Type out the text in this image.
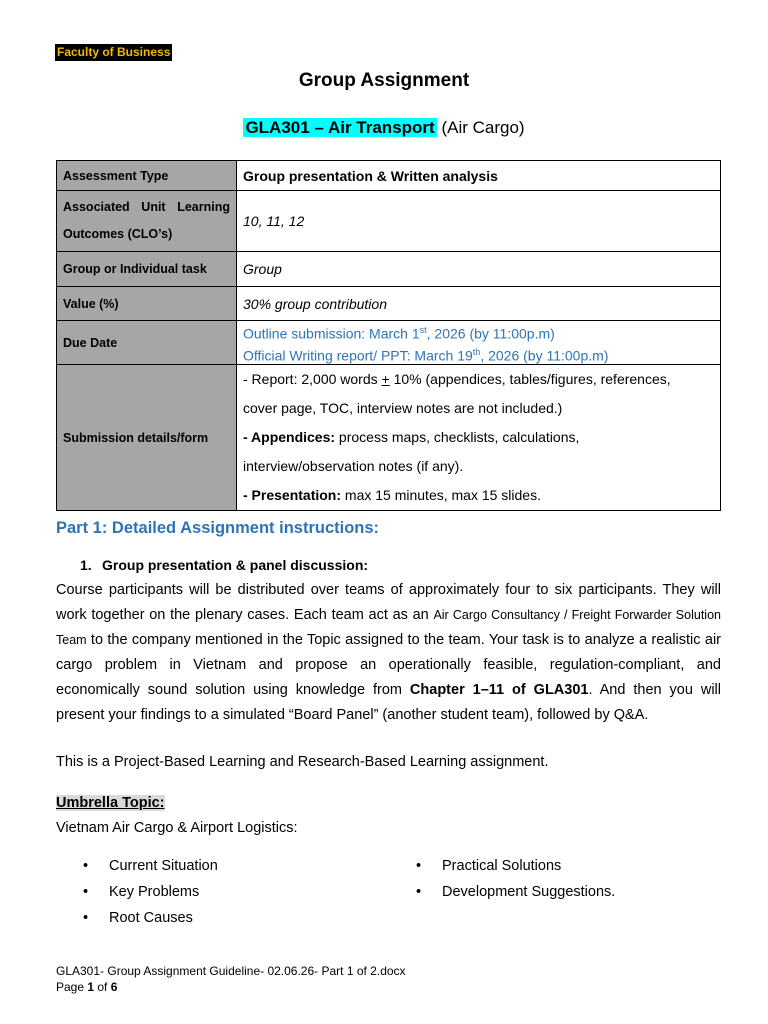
Faculty of Business
Group Assignment
GLA301 – Air Transport (Air Cargo)
Assessment Type	Group presentation & Written analysis
Associated Unit Learning Outcomes (CLO’s)	10, 11, 12
Group or Individual task	Group
Value (%)	30% group contribution
Due Date	Outline submission: March 1st, 2026 (by 11:00p.m)
Official Writing report/ PPT: March 19th, 2026 (by 11:00p.m)

Submission details/form	- Report: 2,000 words + 10% (appendices, tables/figures, references,
cover page, TOC, interview notes are not included.)
- Appendices: process maps, checklists, calculations,
interview/observation notes (if any).
- Presentation: max 15 minutes, max 15 slides.
Part 1: Detailed Assignment instructions:
1. Group presentation & panel discussion:
Course participants will be distributed over teams of approximately four to six participants. They will work together on the plenary cases. Each team act as an Air Cargo Consultancy / Freight Forwarder Solution Team to the company mentioned in the Topic assigned to the team. Your task is to analyze a realistic air cargo problem in Vietnam and propose an operationally feasible, regulation-compliant, and economically sound solution using knowledge from Chapter 1–11 of GLA301. And then you will present your findings to a simulated “Board Panel” (another student team), followed by Q&A.
This is a Project-Based Learning and Research-Based Learning assignment.
Umbrella Topic:
Vietnam Air Cargo & Airport Logistics:
• Current Situation
• Key Problems
• Root Causes
• Practical Solutions
• Development Suggestions.
GLA301- Group Assignment Guideline- 02.06.26- Part 1 of 2.docx
Page 1 of 6
